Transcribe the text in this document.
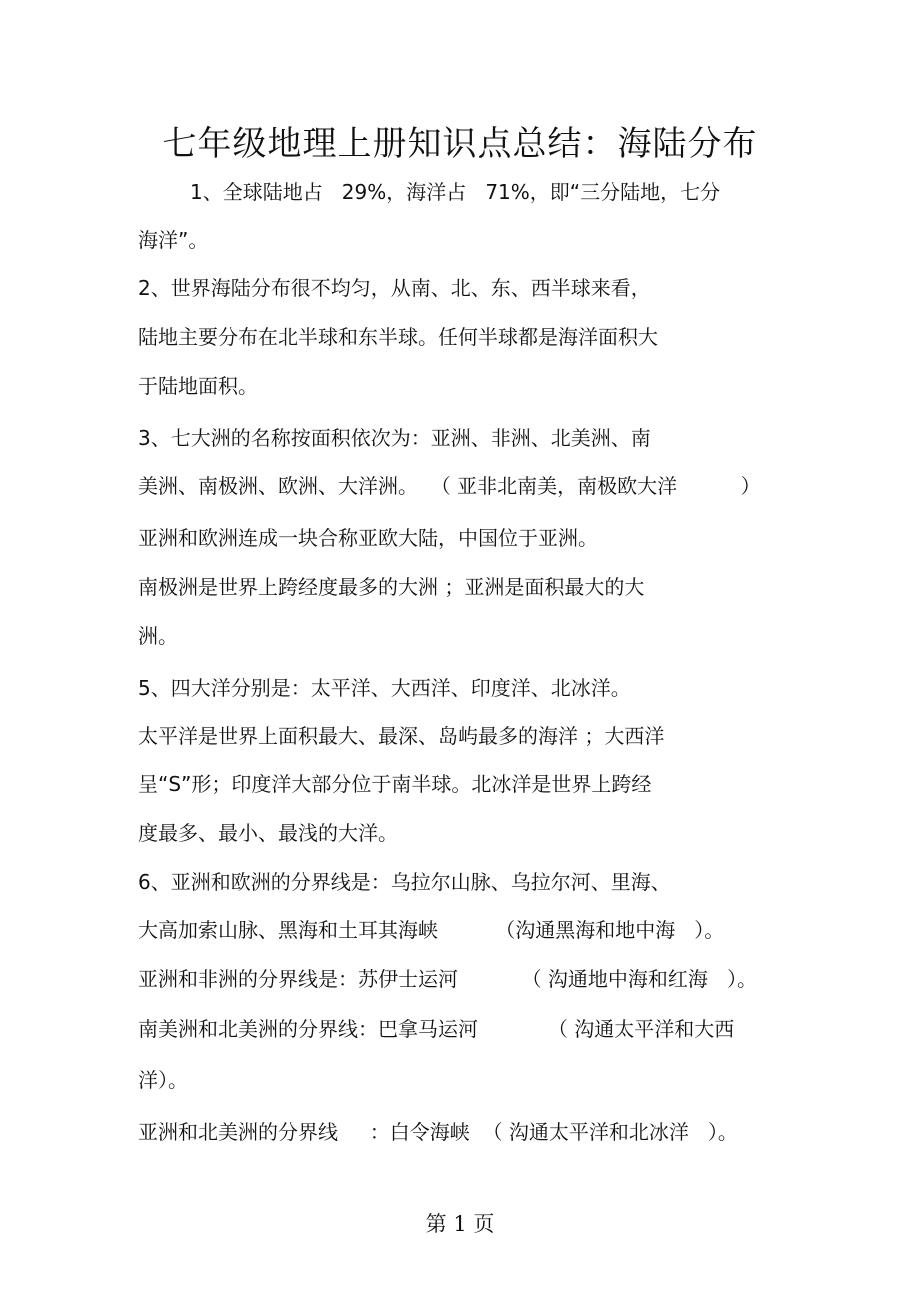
七年级地理上册知识点总结：海陆分布
1、全球陆地占   29%，海洋占   71%，即“三分陆地，七分
海洋”。
2、世界海陆分布很不均匀，从南、北、东、西半球来看，
陆地主要分布在北半球和东半球。任何半球都是海洋面积大
于陆地面积。
3、七大洲的名称按面积依次为：亚洲、非洲、北美洲、南
美洲、南极洲、欧洲、大洋洲。  （ 亚非北南美，南极欧大洋          ）
亚洲和欧洲连成一块合称亚欧大陆，中国位于亚洲。
南极洲是世界上跨经度最多的大洲 ；亚洲是面积最大的大
洲。
5、四大洋分别是：太平洋、大西洋、印度洋、北冰洋。
太平洋是世界上面积最大、最深、岛屿最多的海洋 ；大西洋
呈“S”形；印度洋大部分位于南半球。北冰洋是世界上跨经
度最多、最小、最浅的大洋。
6、亚洲和欧洲的分界线是：乌拉尔山脉、乌拉尔河、里海、
大高加索山脉、黑海和土耳其海峡         （沟通黑海和地中海   ）。
亚洲和非洲的分界线是：苏伊士运河          （ 沟通地中海和红海   ）。
南美洲和北美洲的分界线：巴拿马运河           （ 沟通太平洋和大西
洋）。
亚洲和北美洲的分界线     ：白令海峡  （ 沟通太平洋和北冰洋   ）。
第 1 页
